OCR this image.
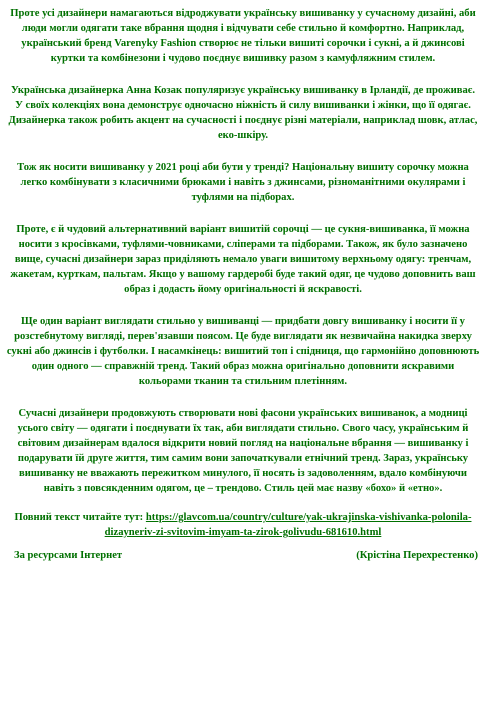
Проте усі дизайнери намагаються відроджувати українську вишиванку у сучасному дизайні, аби люди могли одягати таке вбрання щодня і відчувати себе стильно й комфортно. Наприклад, український бренд Varenyky Fashion створює не тільки вишиті сорочки і сукні, а й джинсові куртки та комбінезони і чудово поєднує вишивку разом з камуфляжним стилем.

Українська дизайнерка Анна Козак популяризує українську вишиванку в Ірландії, де проживає. У своїх колекціях вона демонструє одночасно ніжність й силу вишиванки і жінки, що її одягає. Дизайнерка також робить акцент на сучасності і поєднує різні матеріали, наприклад шовк, атлас, еко-шкіру.

Тож як носити вишиванку у 2021 році аби бути у тренді? Національну вишиту сорочку можна легко комбінувати з класичними брюками і навіть з джинсами, різноманітними окулярами і туфлями на підборах.

Проте, є й чудовий альтернативний варіант вишитій сорочці — це сукня-вишиванка, її можна носити з кросівками, туфлями-човниками, сліперами та підборами. Також, як було зазначено вище, сучасні дизайнери зараз приділяють немало уваги вишитому верхньому одягу: тренчам, жакетам, курткам, пальтам. Якщо у вашому гардеробі буде такий одяг, це чудово доповнить ваш образ і додасть йому оригінальності й яскравості.

Ще один варіант виглядати стильно у вишиванці — придбати довгу вишиванку і носити її у розстебнутому вигляді, перев'язавши поясом. Це буде виглядати як незвичайна накидка зверху сукні або джинсів і футболки. І насамкінець: вишитий топ і спідниця, що гармонійно доповнюють один одного — справжній тренд. Такий образ можна оригінально доповнити яскравими кольорами тканин та стильним плетінням.

Сучасні дизайнери продовжують створювати нові фасони українських вишиванок, а модниці усього світу — одягати і поєднувати їх так, аби виглядати стильно. Свого часу, українським й світовим дизайнерам вдалося відкрити новий погляд на національне вбрання — вишиванку і подарувати їй друге життя, тим самим вони започаткували етнічний тренд. Зараз, українську вишиванку не вважають пережитком минулого, її носять із задоволенням, вдало комбінуючи навіть з повсякденним одягом, це – трендово. Стиль цей має назву «бохо» й «етно».

Повний текст читайте тут: https://glavcom.ua/country/culture/yak-ukrajinska-vishivanka-polonila-dizayneriv-zi-svitovim-imyam-ta-zirok-golivudu-681610.html

За ресурсами Інтернет	(Крістіна Перехрестенко)
